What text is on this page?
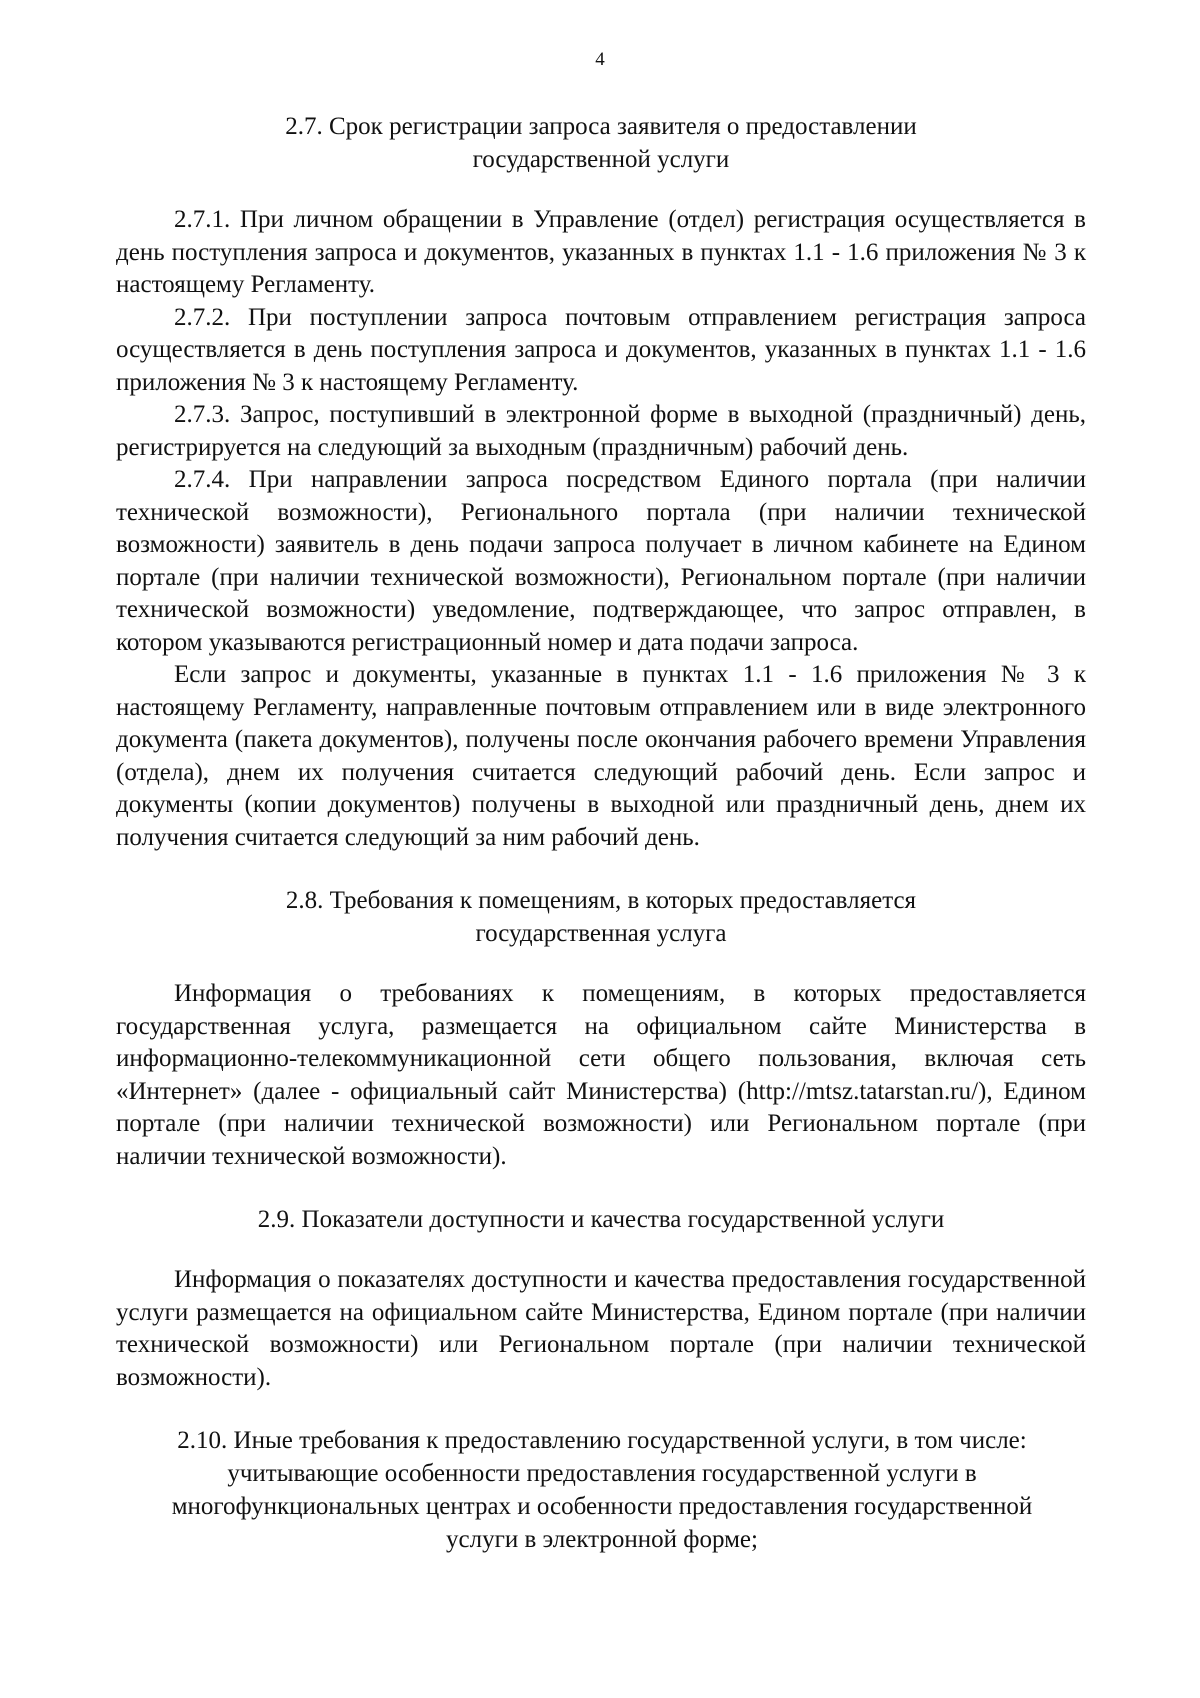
4

2.7. Срок регистрации запроса заявителя о предоставлении

государственной услуги

2.7.1. При личном обращении в Управление (отдел) регистрация осуществляется в день поступления запроса и документов, указанных в пунктах 1.1 - 1.6 приложения № 3 к настоящему Регламенту.

2.7.2. При поступлении запроса почтовым отправлением регистрация запроса осуществляется в день поступления запроса и документов, указанных в пунктах 1.1 - 1.6 приложения № 3 к настоящему Регламенту.

2.7.3. Запрос, поступивший в электронной форме в выходной (праздничный) день, регистрируется на следующий за выходным (праздничным) рабочий день.

2.7.4. При направлении запроса посредством Единого портала (при наличии технической возможности), Регионального портала (при наличии технической возможности) заявитель в день подачи запроса получает в личном кабинете на Едином портале (при наличии технической возможности), Региональном портале (при наличии технической возможности) уведомление, подтверждающее, что запрос отправлен, в котором указываются регистрационный номер и дата подачи запроса.

Если запрос и документы, указанные в пунктах 1.1 - 1.6 приложения № 3 к настоящему Регламенту, направленные почтовым отправлением или в виде электронного документа (пакета документов), получены после окончания рабочего времени Управления (отдела), днем их получения считается следующий рабочий день. Если запрос и документы (копии документов) получены в выходной или праздничный день, днем их получения считается следующий за ним рабочий день.

2.8. Требования к помещениям, в которых предоставляется

государственная услуга

Информация о требованиях к помещениям, в которых предоставляется государственная услуга, размещается на официальном сайте Министерства в информационно-телекоммуникационной сети общего пользования, включая сеть «Интернет» (далее - официальный сайт Министерства) (http://mtsz.tatarstan.ru/), Едином портале (при наличии технической возможности) или Региональном портале (при наличии технической возможности).

2.9. Показатели доступности и качества государственной услуги

Информация о показателях доступности и качества предоставления государственной услуги размещается на официальном сайте Министерства, Едином портале (при наличии технической возможности) или Региональном портале (при наличии технической возможности).

2.10. Иные требования к предоставлению государственной услуги, в том числе:

учитывающие особенности предоставления государственной услуги в

многофункциональных центрах и особенности предоставления государственной

услуги в электронной форме;
